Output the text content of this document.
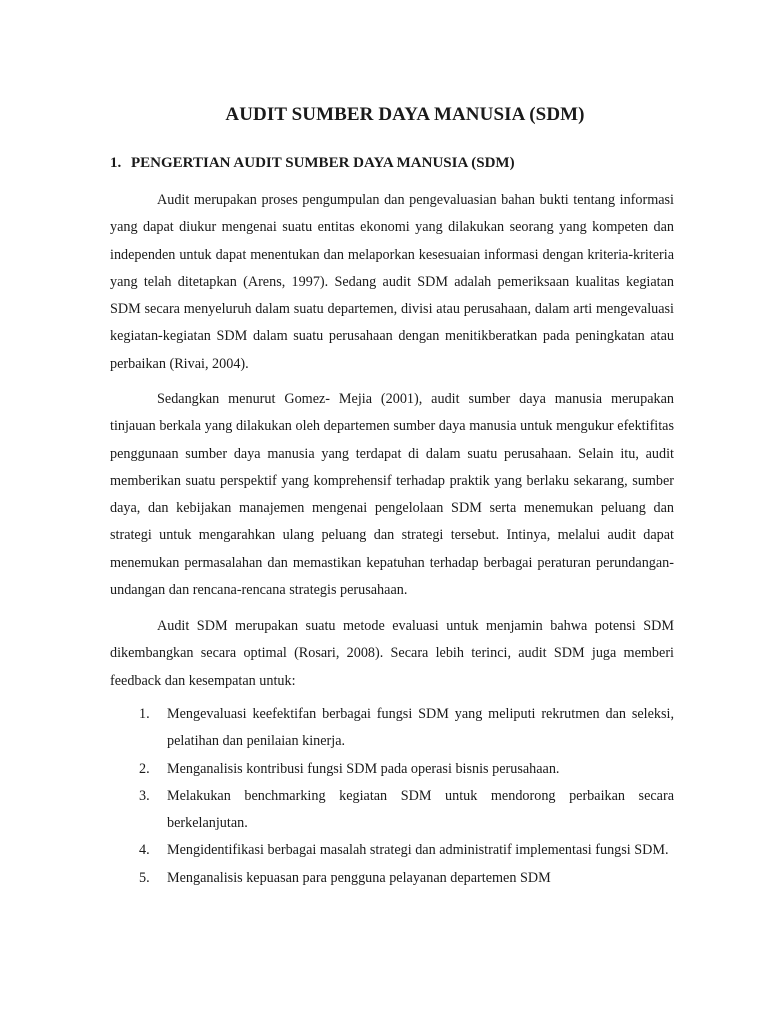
AUDIT SUMBER DAYA MANUSIA (SDM)
1. PENGERTIAN AUDIT SUMBER DAYA MANUSIA (SDM)

Audit merupakan proses pengumpulan dan pengevaluasian bahan bukti tentang informasi yang dapat diukur mengenai suatu entitas ekonomi yang dilakukan seorang yang kompeten dan independen untuk dapat menentukan dan melaporkan kesesuaian informasi dengan kriteria-kriteria yang telah ditetapkan (Arens, 1997). Sedang audit SDM adalah pemeriksaan kualitas kegiatan SDM secara menyeluruh dalam suatu departemen, divisi atau perusahaan, dalam arti mengevaluasi kegiatan-kegiatan SDM dalam suatu perusahaan dengan menitikberatkan pada peningkatan atau perbaikan (Rivai, 2004).

Sedangkan menurut Gomez- Mejia (2001), audit sumber daya manusia merupakan tinjauan berkala yang dilakukan oleh departemen sumber daya manusia untuk mengukur efektifitas penggunaan sumber daya manusia yang terdapat di dalam suatu perusahaan. Selain itu, audit memberikan suatu perspektif yang komprehensif terhadap praktik yang berlaku sekarang, sumber daya, dan kebijakan manajemen mengenai pengelolaan SDM serta menemukan peluang dan strategi untuk mengarahkan ulang peluang dan strategi tersebut. Intinya, melalui audit dapat menemukan permasalahan dan memastikan kepatuhan terhadap berbagai peraturan perundangan-undangan dan rencana-rencana strategis perusahaan.

Audit SDM merupakan suatu metode evaluasi untuk menjamin bahwa potensi SDM dikembangkan secara optimal (Rosari, 2008). Secara lebih terinci, audit SDM juga memberi feedback dan kesempatan untuk:

1. Mengevaluasi keefektifan berbagai fungsi SDM yang meliputi rekrutmen dan seleksi, pelatihan dan penilaian kinerja.
2. Menganalisis kontribusi fungsi SDM pada operasi bisnis perusahaan.
3. Melakukan benchmarking kegiatan SDM untuk mendorong perbaikan secara berkelanjutan.
4. Mengidentifikasi berbagai masalah strategi dan administratif implementasi fungsi SDM.
5. Menganalisis kepuasan para pengguna pelayanan departemen SDM
